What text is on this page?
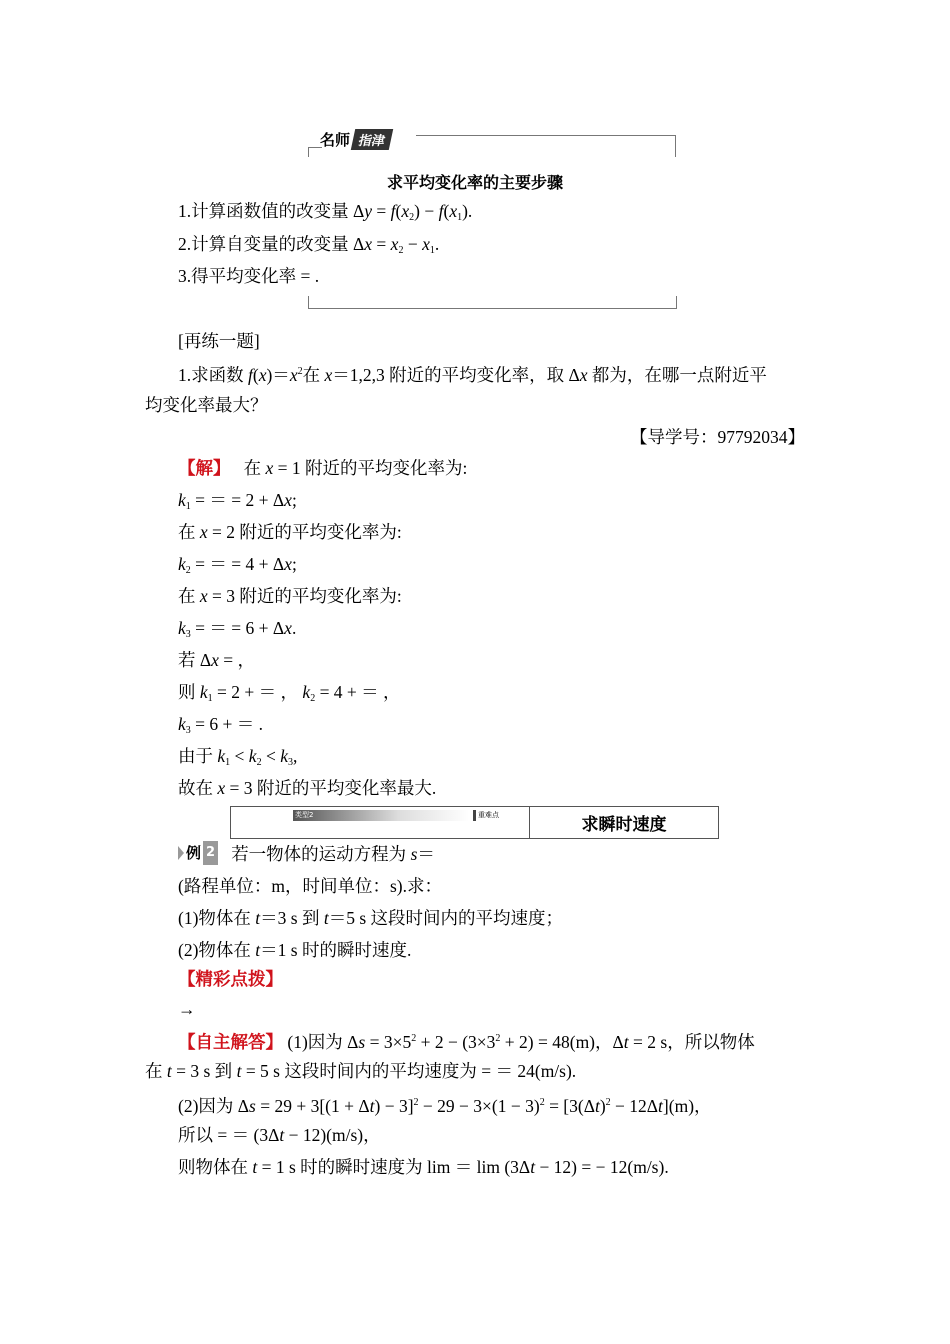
名师 指津
求平均变化率的主要步骤
1.计算函数值的改变量 $\Delta y = f(x_2) - f(x_1)$.
2.计算自变量的改变量 $\Delta x = x_2 - x_1$.
3.得平均变化率 = .
[再练一题]
1.求函数 $f(x)=x^2$在 x＝1,2,3 附近的平均变化率，取 Δx 都为，在哪一点附近平
均变化率最大？
【导学号：97792034】
【解】 在 x = 1 附近的平均变化率为:
$k_1$ = ＝ = 2 + Δx;
在 x = 2 附近的平均变化率为:
$k_2$ = ＝ = 4 + Δx;
在 x = 3 附近的平均变化率为:
$k_3$ = ＝ = 6 + Δx.
若 Δx = ，
则 $k_1 = 2$ + ＝ ， $k_2 = 4$ + ＝ ，
$k_3 = 6$ + ＝ .
由于 $k_1 < k_2 < k_3$,
故在 x = 3 附近的平均变化率最大.
类型2	重难点	求瞬时速度
例 2 若一物体的运动方程为 s＝
(路程单位：m，时间单位：s).求：
(1)物体在 t＝3 s 到 t＝5 s 这段时间内的平均速度；
(2)物体在 t＝1 s 时的瞬时速度.
【精彩点拨】
→
【自主解答】 (1)因为 $\Delta s = 3\times 5^2 + 2 - (3\times 3^2 + 2) = 48(m)$，Δt = 2 s，所以物体
在 t = 3 s 到 t = 5 s 这段时间内的平均速度为 = ＝ 24(m/s).
(2)因为 $\Delta s = 29 + 3[(1 + \Delta t) - 3]^2 - 29 - 3\times(1 - 3)^2 = [3(\Delta t)^2 - 12\Delta t](m)$，
所以 = ＝ (3Δt − 12)(m/s)，
则物体在 t = 1 s 时的瞬时速度为 lim ＝ lim (3Δt − 12) = − 12(m/s).
